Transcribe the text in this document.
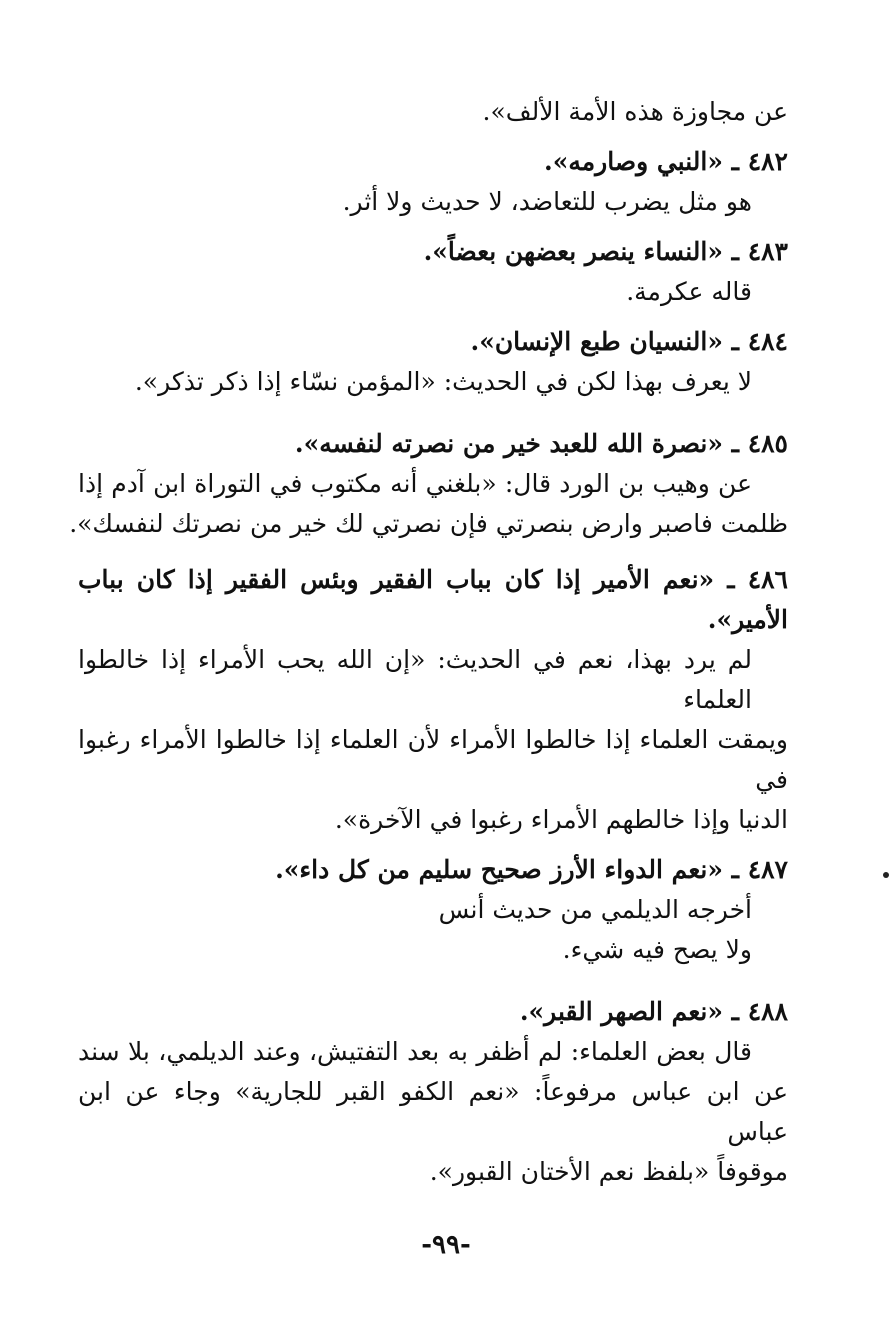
عن مجاوزة هذه الأمة الألف».
٤٨٢ ـ «النبي وصارمه».
هو مثل يضرب للتعاضد، لا حديث ولا أثر.
٤٨٣ ـ «النساء ينصر بعضهن بعضاً».
قاله عكرمة.
٤٨٤ ـ «النسيان طبع الإنسان».
لا يعرف بهذا لكن في الحديث: «المؤمن نسّاء إذا ذكر تذكر».
٤٨٥ ـ «نصرة الله للعبد خير من نصرته لنفسه».
عن وهيب بن الورد قال: «بلغني أنه مكتوب في التوراة ابن آدم إذا
ظلمت فاصبر وارض بنصرتي فإن نصرتي لك خير من نصرتك لنفسك».
٤٨٦ ـ «نعم الأمير إذا كان بباب الفقير وبئس الفقير إذا كان بباب
الأمير».
لم يرد بهذا، نعم في الحديث: «إن الله يحب الأمراء إذا خالطوا العلماء
ويمقت العلماء إذا خالطوا الأمراء لأن العلماء إذا خالطوا الأمراء رغبوا في
الدنيا وإذا خالطهم الأمراء رغبوا في الآخرة».
٤٨٧ ـ «نعم الدواء الأرز صحيح سليم من كل داء».
أخرجه الديلمي من حديث أنس
ولا يصح فيه شيء.
٤٨٨ ـ «نعم الصهر القبر».
قال بعض العلماء: لم أظفر به بعد التفتيش، وعند الديلمي، بلا سند
عن ابن عباس مرفوعاً: «نعم الكفو القبر للجارية» وجاء عن ابن عباس
موقوفاً «بلفظ نعم الأختان القبور».
-٩٩-
